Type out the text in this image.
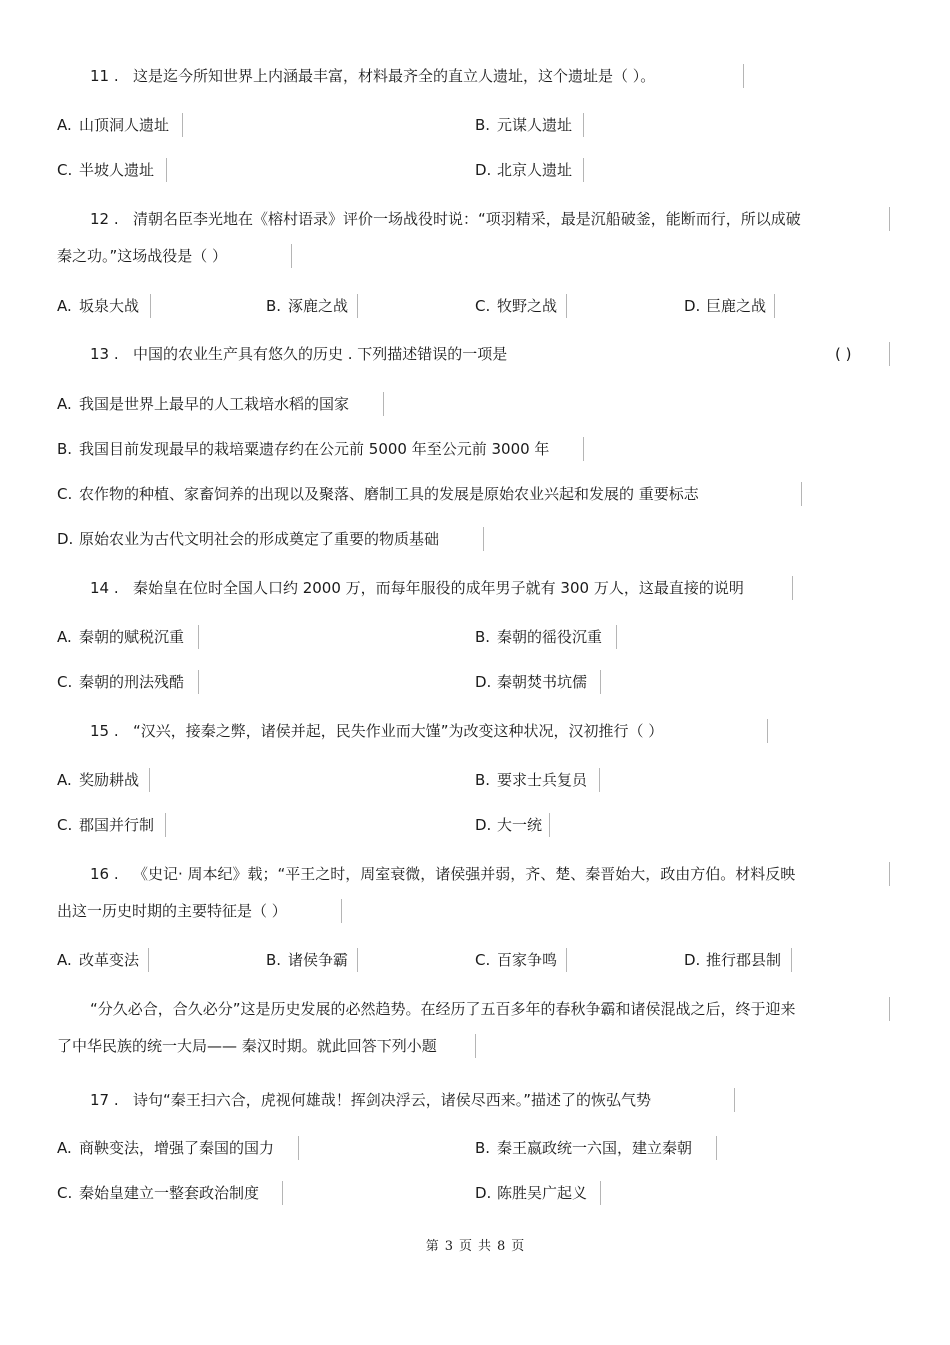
11 . 这是迄今所知世界上内涵最丰富，材料最齐全的直立人遗址，这个遗址是（ ）。
A. 山顶洞人遗址	B. 元谋人遗址
C. 半坡人遗址	D. 北京人遗址
12 . 清朝名臣李光地在《榕村语录》评价一场战役时说：“项羽精采，最是沉船破釜，能断而行，所以成破
秦之功。”这场战役是（ ）
A. 坂泉大战	B. 涿鹿之战	C. 牧野之战	D. 巨鹿之战
13 . 中国的农业生产具有悠久的历史 . 下列描述错误的一项是	( )
A. 我国是世界上最早的人工栽培水稻的国家
B. 我国目前发现最早的栽培粟遗存约在公元前 5000 年至公元前 3000 年
C. 农作物的种植、家畜饲养的出现以及聚落、磨制工具的发展是原始农业兴起和发展的 重要标志
D. 原始农业为古代文明社会的形成奠定了重要的物质基础
14 . 秦始皇在位时全国人口约 2000 万，而每年服役的成年男子就有 300 万人，这最直接的说明
A. 秦朝的赋税沉重	B. 秦朝的徭役沉重
C. 秦朝的刑法残酷	D. 秦朝焚书坑儒
15 . “汉兴，接秦之弊，诸侯并起，民失作业而大馑”为改变这种状况，汉初推行（ ）
A. 奖励耕战	B. 要求士兵复员
C. 郡国并行制	D. 大一统
16 . 《史记· 周本纪》载；“平王之时，周室衰微，诸侯强并弱，齐、楚、秦晋始大，政由方伯。材料反映
出这一历史时期的主要特征是（ ）
A. 改革变法	B. 诸侯争霸	C. 百家争鸣	D. 推行郡县制
“分久必合，合久必分”这是历史发展的必然趋势。在经历了五百多年的春秋争霸和诸侯混战之后，终于迎来
了中华民族的统一大局—— 秦汉时期。就此回答下列小题
17 . 诗句“秦王扫六合，虎视何雄哉！挥剑决浮云，诸侯尽西来。”描述了的恢弘气势
A. 商鞅变法，增强了秦国的国力	B. 秦王嬴政统一六国，建立秦朝
C. 秦始皇建立一整套政治制度	D. 陈胜吴广起义
第 3 页 共 8 页
